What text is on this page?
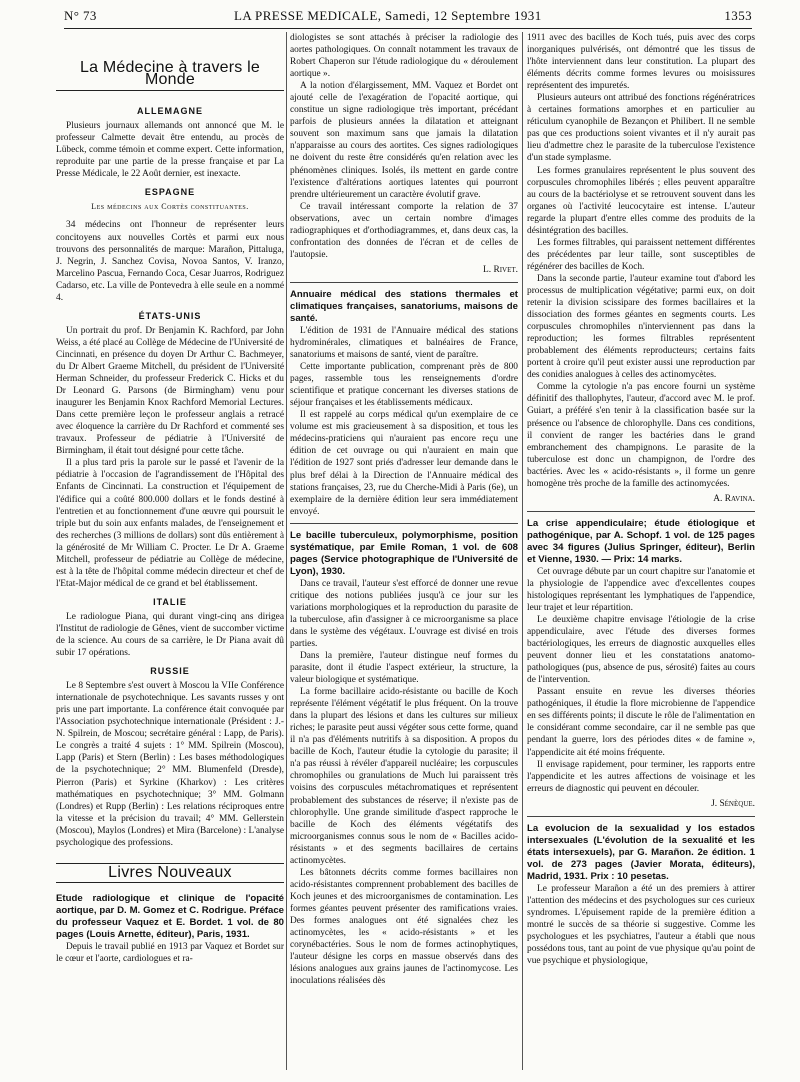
N° 73	LA PRESSE MEDICALE, Samedi, 12 Septembre 1931	1353
La Médecine à travers le Monde
ALLEMAGNE

Plusieurs journaux allemands ont annoncé que M. le professeur Calmette devait être entendu, au procès de Lübeck, comme témoin et comme expert. Cette information, reproduite par une partie de la presse française et par La Presse Médicale, le 22 Août dernier, est inexacte.

ESPAGNE
Les médecins aux Cortès constituantes.

34 médecins ont l'honneur de représenter leurs concitoyens aux nouvelles Cortès et parmi eux nous trouvons des personnalités de marque: Marañon, Pittaluga, J. Negrin, J. Sanchez Covisa, Novoa Santos, V. Iranzo, Marcelino Pascua, Fernando Coca, Cesar Juarros, Rodriguez Cadarso, etc. La ville de Pontevedra à elle seule en a nommé 4.

ÉTATS-UNIS

Un portrait du prof. Dr Benjamin K. Rachford, par John Weiss, a été placé au Collège de Médecine de l'Université de Cincinnati, en présence du doyen Dr Arthur C. Bachmeyer, du Dr Albert Graeme Mitchell, du président de l'Université Herman Schneider, du professeur Frederick C. Hicks et du Dr Leonard G. Parsons (de Birmingham) venu pour inaugurer les Benjamin Knox Rachford Memorial Lectures. Dans cette première leçon le professeur anglais a retracé avec éloquence la carrière du Dr Rachford et commenté ses travaux. Professeur de pédiatrie à l'Université de Birmingham, il était tout désigné pour cette tâche.

Il a plus tard pris la parole sur le passé et l'avenir de la pédiatrie à l'occasion de l'agrandissement de l'Hôpital des Enfants de Cincinnati. La construction et l'équipement de l'édifice qui a coûté 800.000 dollars et le fonds destiné à l'entretien et au fonctionnement d'une œuvre qui poursuit le triple but du soin aux enfants malades, de l'enseignement et des recherches (3 millions de dollars) sont dûs entièrement à la générosité de Mr William C. Procter. Le Dr A. Graeme Mitchell, professeur de pédiatrie au Collège de médecine, est à la tête de l'hôpital comme médecin directeur et chef de l'Etat-Major médical de ce grand et bel établissement.

ITALIE

Le radiologue Piana, qui durant vingt-cinq ans dirigea l'Institut de radiologie de Gênes, vient de succomber victime de la science. Au cours de sa carrière, le Dr Piana avait dû subir 17 opérations.

RUSSIE

Le 8 Septembre s'est ouvert à Moscou la VIIe Conférence internationale de psychotechnique. Les savants russes y ont pris une part importante. La conférence était convoquée par l'Association psychotechnique internationale (Président : J.-N. Spilrein, de Moscou; secrétaire général : Lapp, de Paris). Le congrès a traité 4 sujets : 1° MM. Spilrein (Moscou), Lapp (Paris) et Stern (Berlin) : Les bases méthodologiques de la psychotechnique; 2° MM. Blumenfeld (Dresde), Pierron (Paris) et Syrkine (Kharkov) : Les critères mathématiques en psychotechnique; 3° MM. Golmann (Londres) et Rupp (Berlin) : Les relations réciproques entre la vitesse et la précision du travail; 4° MM. Gellerstein (Moscou), Maylos (Londres) et Mira (Barcelone) : L'analyse psychologique des professions.

Livres Nouveaux

Etude radiologique et clinique de l'opacité aortique, par D. M. Gomez et C. Rodrigue. Préface du professeur Vaquez et E. Bordet. 1 vol. de 80 pages (Louis Arnette, éditeur), Paris, 1931.

Depuis le travail publié en 1913 par Vaquez et Bordet sur le cœur et l'aorte, cardiologues et ra-

diologistes se sont attachés à préciser la radiologie des aortes pathologiques. On connaît notamment les travaux de Robert Chaperon sur l'étude radiologique du « déroulement aortique ».

A la notion d'élargissement, MM. Vaquez et Bordet ont ajouté celle de l'exagération de l'opacité aortique, qui constitue un signe radiologique très important, précédant parfois de plusieurs années la dilatation et atteignant souvent son maximum sans que jamais la dilatation n'apparaisse au cours des aortites. Ces signes radiologiques ne doivent du reste être considérés qu'en relation avec les phénomènes cliniques. Isolés, ils mettent en garde contre l'existence d'altérations aortiques latentes qui pourront prendre ultérieurement un caractère évolutif grave.

Ce travail intéressant comporte la relation de 37 observations, avec un certain nombre d'images radiographiques et d'orthodiagrammes, et, dans deux cas, la confrontation des données de l'écran et de celles de l'autopsie.

L. Rivet.

Annuaire médical des stations thermales et climatiques françaises, sanatoriums, maisons de santé.

L'édition de 1931 de l'Annuaire médical des stations hydrominérales, climatiques et balnéaires de France, sanatoriums et maisons de santé, vient de paraître.

Cette importante publication, comprenant près de 800 pages, rassemble tous les renseignements d'ordre scientifique et pratique concernant les diverses stations de séjour françaises et les établissements médicaux.

Il est rappelé au corps médical qu'un exemplaire de ce volume est mis gracieusement à sa disposition, et tous les médecins-praticiens qui n'auraient pas encore reçu une édition de cet ouvrage ou qui n'auraient en main que l'édition de 1927 sont priés d'adresser leur demande dans le plus bref délai à la Direction de l'Annuaire médical des stations françaises, 23, rue du Cherche-Midi à Paris (6e), un exemplaire de la dernière édition leur sera immédiatement envoyé.

Le bacille tuberculeux, polymorphisme, position systématique, par Emile Roman, 1 vol. de 608 pages (Service photographique de l'Université de Lyon), 1930.

Dans ce travail, l'auteur s'est efforcé de donner une revue critique des notions publiées jusqu'à ce jour sur les variations morphologiques et la reproduction du parasite de la tuberculose, afin d'assigner à ce microorganisme sa place dans le système des végétaux. L'ouvrage est divisé en trois parties.

Dans la première, l'auteur distingue neuf formes du parasite, dont il étudie l'aspect extérieur, la structure, la valeur biologique et systématique.

La forme bacillaire acido-résistante ou bacille de Koch représente l'élément végétatif le plus fréquent. On la trouve dans la plupart des lésions et dans les cultures sur milieux riches; le parasite peut aussi végéter sous cette forme, quand il n'a pas d'éléments nutritifs à sa disposition. A propos du bacille de Koch, l'auteur étudie la cytologie du parasite; il n'a pas réussi à révéler d'appareil nucléaire; les corpuscules chromophiles ou granulations de Much lui paraissent très voisins des corpuscules métachromatiques et représentent probablement des substances de réserve; il n'existe pas de chlorophylle. Une grande similitude d'aspect rapproche le bacille de Koch des éléments végétatifs des microorganismes connus sous le nom de « Bacilles acido-résistants » et des segments bacillaires de certains actinomycètes.

Les bâtonnets décrits comme formes bacillaires non acido-résistantes comprennent probablement des bacilles de Koch jeunes et des microorganismes de contamination. Les formes géantes peuvent présenter des ramifications vraies. Des formes analogues ont été signalées chez les actinomycètes, les « acido-résistants » et les corynébactéries. Sous le nom de formes actinophytiques, l'auteur désigne les corps en massue observés dans des lésions analogues aux grains jaunes de l'actinomycose. Les inoculations réalisées dès

1911 avec des bacilles de Koch tués, puis avec des corps inorganiques pulvérisés, ont démontré que les tissus de l'hôte interviennent dans leur constitution. La plupart des éléments décrits comme formes levures ou moisissures représentent des impuretés.

Plusieurs auteurs ont attribué des fonctions régénératrices à certaines formations amorphes et en particulier au réticulum cyanophile de Bezançon et Philibert. Il ne semble pas que ces productions soient vivantes et il n'y aurait pas lieu d'admettre chez le parasite de la tuberculose l'existence d'un stade symplasme.

Les formes granulaires représentent le plus souvent des corpuscules chromophiles libérés ; elles peuvent apparaître au cours de la bactériolyse et se retrouvent souvent dans les organes où l'activité leucocytaire est intense. L'auteur regarde la plupart d'entre elles comme des produits de la désintégration des bacilles.

Les formes filtrables, qui paraissent nettement différentes des précédentes par leur taille, sont susceptibles de régénérer des bacilles de Koch.

Dans la seconde partie, l'auteur examine tout d'abord les processus de multiplication végétative; parmi eux, on doit retenir la division scissipare des formes bacillaires et la dissociation des formes géantes en segments courts. Les corpuscules chromophiles n'interviennent pas dans la reproduction; les formes filtrables représentent probablement des éléments reproducteurs; certains faits portent à croire qu'il peut exister aussi une reproduction par des conidies analogues à celles des actinomycètes.

Comme la cytologie n'a pas encore fourni un système définitif des thallophytes, l'auteur, d'accord avec M. le prof. Guiart, a préféré s'en tenir à la classification basée sur la présence ou l'absence de chlorophylle. Dans ces conditions, il convient de ranger les bactéries dans le grand embranchement des champignons. Le parasite de la tuberculose est donc un champignon, de l'ordre des bactéries. Avec les « acido-résistants », il forme un genre homogène très proche de la famille des actinomycées.

A. Ravina.

La crise appendiculaire; étude étiologique et pathogénique, par A. Schopf. 1 vol. de 125 pages avec 34 figures (Julius Springer, éditeur), Berlin et Vienne, 1930. — Prix: 14 marks.

Cet ouvrage débute par un court chapitre sur l'anatomie et la physiologie de l'appendice avec d'excellentes coupes histologiques représentant les lymphatiques de l'appendice, leur trajet et leur répartition.

Le deuxième chapitre envisage l'étiologie de la crise appendiculaire, avec l'étude des diverses formes bactériologiques, les erreurs de diagnostic auxquelles elles peuvent donner lieu et les constatations anatomo-pathologiques (pus, absence de pus, sérosité) faites au cours de l'intervention.

Passant ensuite en revue les diverses théories pathogéniques, il étudie la flore microbienne de l'appendice en ses différents points; il discute le rôle de l'alimentation en le considérant comme secondaire, car il ne semble pas que pendant la guerre, lors des périodes dites « de famine », l'appendicite ait été moins fréquente.

Il envisage rapidement, pour terminer, les rapports entre l'appendicite et les autres affections de voisinage et les erreurs de diagnostic qui peuvent en découler.

J. Sénèque.

La evolucion de la sexualidad y los estados intersexuales (L'évolution de la sexualité et les états intersexuels), par G. Marañon. 2e édition. 1 vol. de 273 pages (Javier Morata, éditeurs), Madrid, 1931. Prix : 10 pesetas.

Le professeur Marañon a été un des premiers à attirer l'attention des médecins et des psychologues sur ces curieux syndromes. L'épuisement rapide de la première édition a montré le succès de sa théorie si suggestive. Comme les psychologues et les psychiatres, l'auteur a établi que nous possédons tous, tant au point de vue physique qu'au point de vue psychique et physiologique,
